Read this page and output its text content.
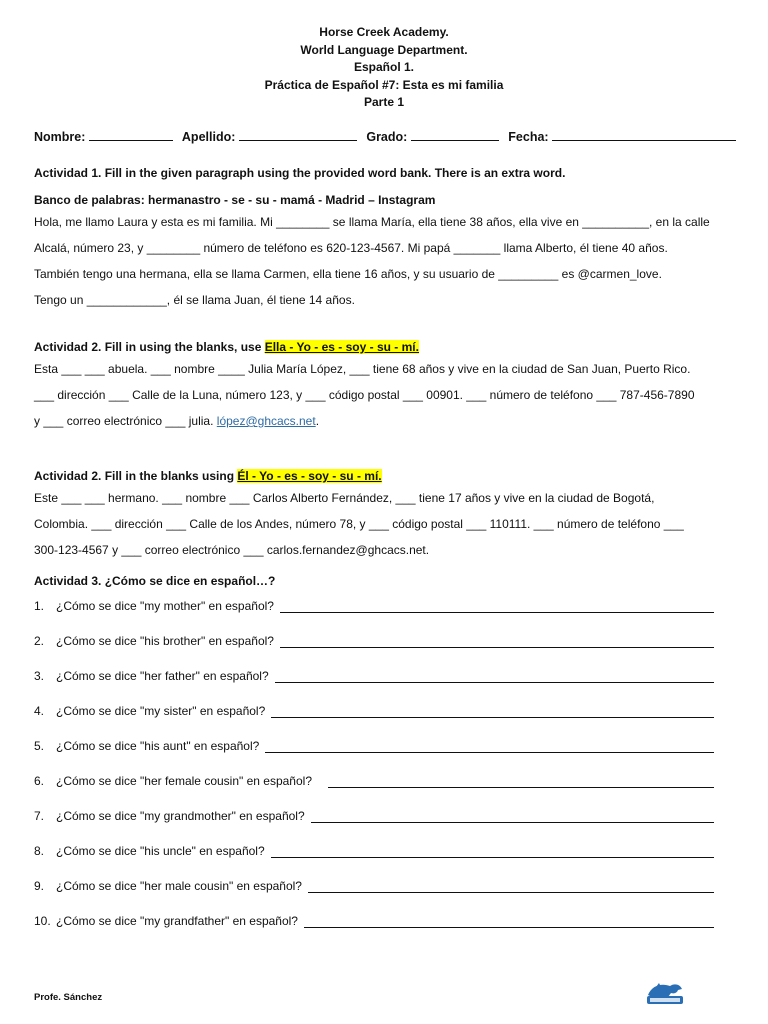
Horse Creek Academy.
World Language Department.
Español 1.
Práctica de Español #7: Esta es mi familia
Parte 1
Nombre:	Apellido:	Grado:	Fecha:
Actividad 1. Fill in the given paragraph using the provided word bank. There is an extra word.
Banco de palabras: hermanastro - se - su - mamá - Madrid – Instagram
Hola, me llamo Laura y esta es mi familia. Mi ________ se llama María, ella tiene 38 años, ella vive en __________, en la calle
Alcalá, número 23, y ________ número de teléfono es 620-123-4567. Mi papá _______ llama Alberto, él tiene 40 años.
También tengo una hermana, ella se llama Carmen, ella tiene 16 años, y su usuario de _________ es @carmen_love.
Tengo un ____________, él se llama Juan, él tiene 14 años.
Actividad 2. Fill in using the blanks, use Ella - Yo - es - soy - su - mí.
Esta ___ ___ abuela. ___ nombre ____ Julia María López, ___ tiene 68 años y vive en la ciudad de San Juan, Puerto Rico.
___ dirección ___ Calle de la Luna, número 123, y ___ código postal ___ 00901. ___ número de teléfono ___ 787-456-7890
y ___ correo electrónico ___ julia. lópez@ghcacs.net.
Actividad 2. Fill in the blanks using Él - Yo - es - soy - su - mí.
Este ___ ___ hermano. ___ nombre ___ Carlos Alberto Fernández, ___ tiene 17 años y vive en la ciudad de Bogotá,
Colombia. ___ dirección ___ Calle de los Andes, número 78, y ___ código postal ___ 110111. ___ número de teléfono ___
300-123-4567 y ___ correo electrónico ___ carlos.fernandez@ghcacs.net.
Actividad 3. ¿Cómo se dice en español…?
1. ¿Cómo se dice "my mother" en español?
2. ¿Cómo se dice "his brother" en español?
3. ¿Cómo se dice "her father" en español?
4. ¿Cómo se dice "my sister" en español?
5. ¿Cómo se dice "his aunt" en español?
6. ¿Cómo se dice "her female cousin" en español?
7. ¿Cómo se dice "my grandmother" en español?
8. ¿Cómo se dice "his uncle" en español?
9. ¿Cómo se dice "her male cousin" en español?
10. ¿Cómo se dice "my grandfather" en español?
Profe. Sánchez
